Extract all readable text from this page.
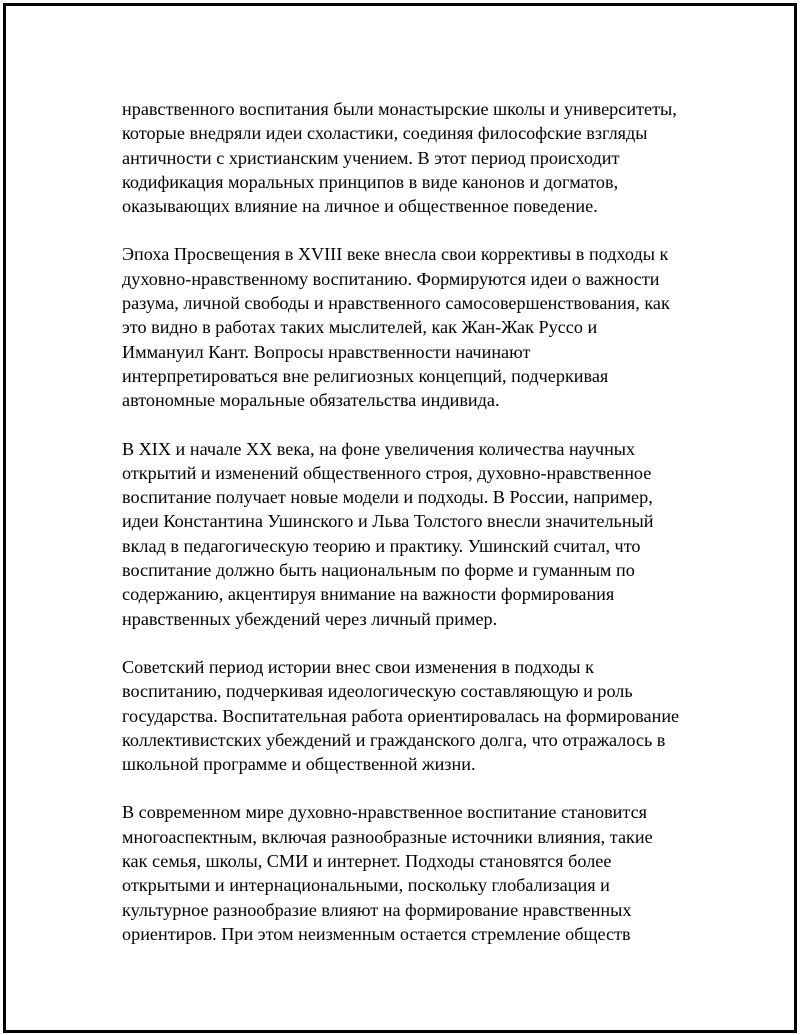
нравственного воспитания были монастырские школы и университеты,
которые внедряли идеи схоластики, соединяя философские взгляды
античности с христианским учением. В этот период происходит
кодификация моральных принципов в виде канонов и догматов,
оказывающих влияние на личное и общественное поведение.

Эпоха Просвещения в XVIII веке внесла свои коррективы в подходы к
духовно-нравственному воспитанию. Формируются идеи о важности
разума, личной свободы и нравственного самосовершенствования, как
это видно в работах таких мыслителей, как Жан-Жак Руссо и
Иммануил Кант. Вопросы нравственности начинают
интерпретироваться вне религиозных концепций, подчеркивая
автономные моральные обязательства индивида.

В XIX и начале XX века, на фоне увеличения количества научных
открытий и изменений общественного строя, духовно-нравственное
воспитание получает новые модели и подходы. В России, например,
идеи Константина Ушинского и Льва Толстого внесли значительный
вклад в педагогическую теорию и практику. Ушинский считал, что
воспитание должно быть национальным по форме и гуманным по
содержанию, акцентируя внимание на важности формирования
нравственных убеждений через личный пример.

Советский период истории внес свои изменения в подходы к
воспитанию, подчеркивая идеологическую составляющую и роль
государства. Воспитательная работа ориентировалась на формирование
коллективистских убеждений и гражданского долга, что отражалось в
школьной программе и общественной жизни.

В современном мире духовно-нравственное воспитание становится
многоаспектным, включая разнообразные источники влияния, такие
как семья, школы, СМИ и интернет. Подходы становятся более
открытыми и интернациональными, поскольку глобализация и
культурное разнообразие влияют на формирование нравственных
ориентиров. При этом неизменным остается стремление обществ
